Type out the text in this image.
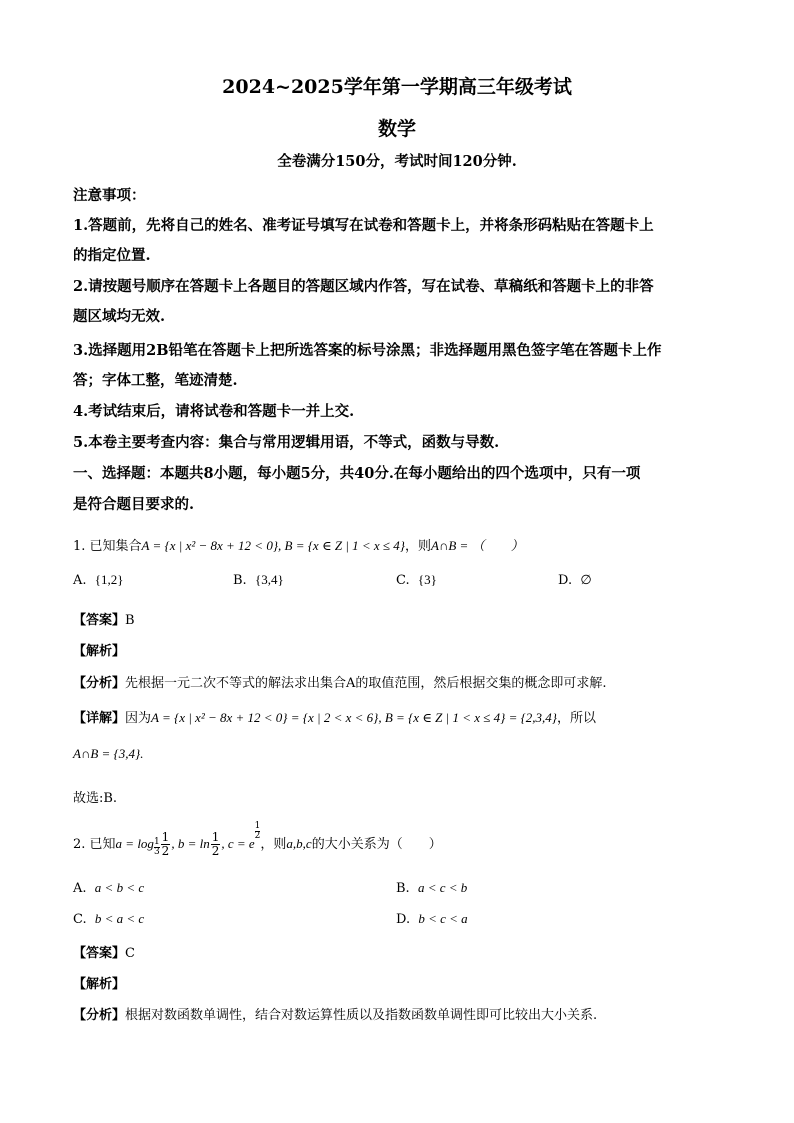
2024~2025学年第一学期高三年级考试
数学
全卷满分150分，考试时间120分钟.
注意事项：
1.答题前，先将自己的姓名、准考证号填写在试卷和答题卡上，并将条形码粘贴在答题卡上
的指定位置.
2.请按题号顺序在答题卡上各题目的答题区域内作答，写在试卷、草稿纸和答题卡上的非答
题区域均无效.
3.选择题用2B铅笔在答题卡上把所选答案的标号涂黑；非选择题用黑色签字笔在答题卡上作
答；字体工整，笔迹清楚.
4.考试结束后，请将试卷和答题卡一并上交.
5.本卷主要考查内容：集合与常用逻辑用语，不等式，函数与导数.
一、选择题：本题共8小题，每小题5分，共40分.在每小题给出的四个选项中，只有一项
是符合题目要求的.
1. 已知集合A = {x | x² − 8x + 12 < 0}, B = {x ∈ Z | 1 < x ≤ 4}，则A∩B = （　　）
A. {1,2}	B. {3,4}	C. {3}	D. ∅
【答案】B
【解析】
【分析】先根据一元二次不等式的解法求出集合A的取值范围，然后根据交集的概念即可求解.
【详解】因为A = {x | x² − 8x + 12 < 0} = {x | 2 < x < 6}, B = {x ∈ Z | 1 < x ≤ 4} = {2,3,4}，所以
A∩B = {3,4}.
故选:B.
2. 已知$a = \log _{\frac{1}{3}} \frac{1}{2}$ , $b = \ln \frac{1}{2}$ , c = e
$^{\frac{1}{2}}$
，则a,b,c的大小关系为（　　）
A. a < b < c	B. a < c < b
C. b < a < c	D. b < c < a
【答案】C
【解析】
【分析】根据对数函数单调性，结合对数运算性质以及指数函数单调性即可比较出大小关系.
